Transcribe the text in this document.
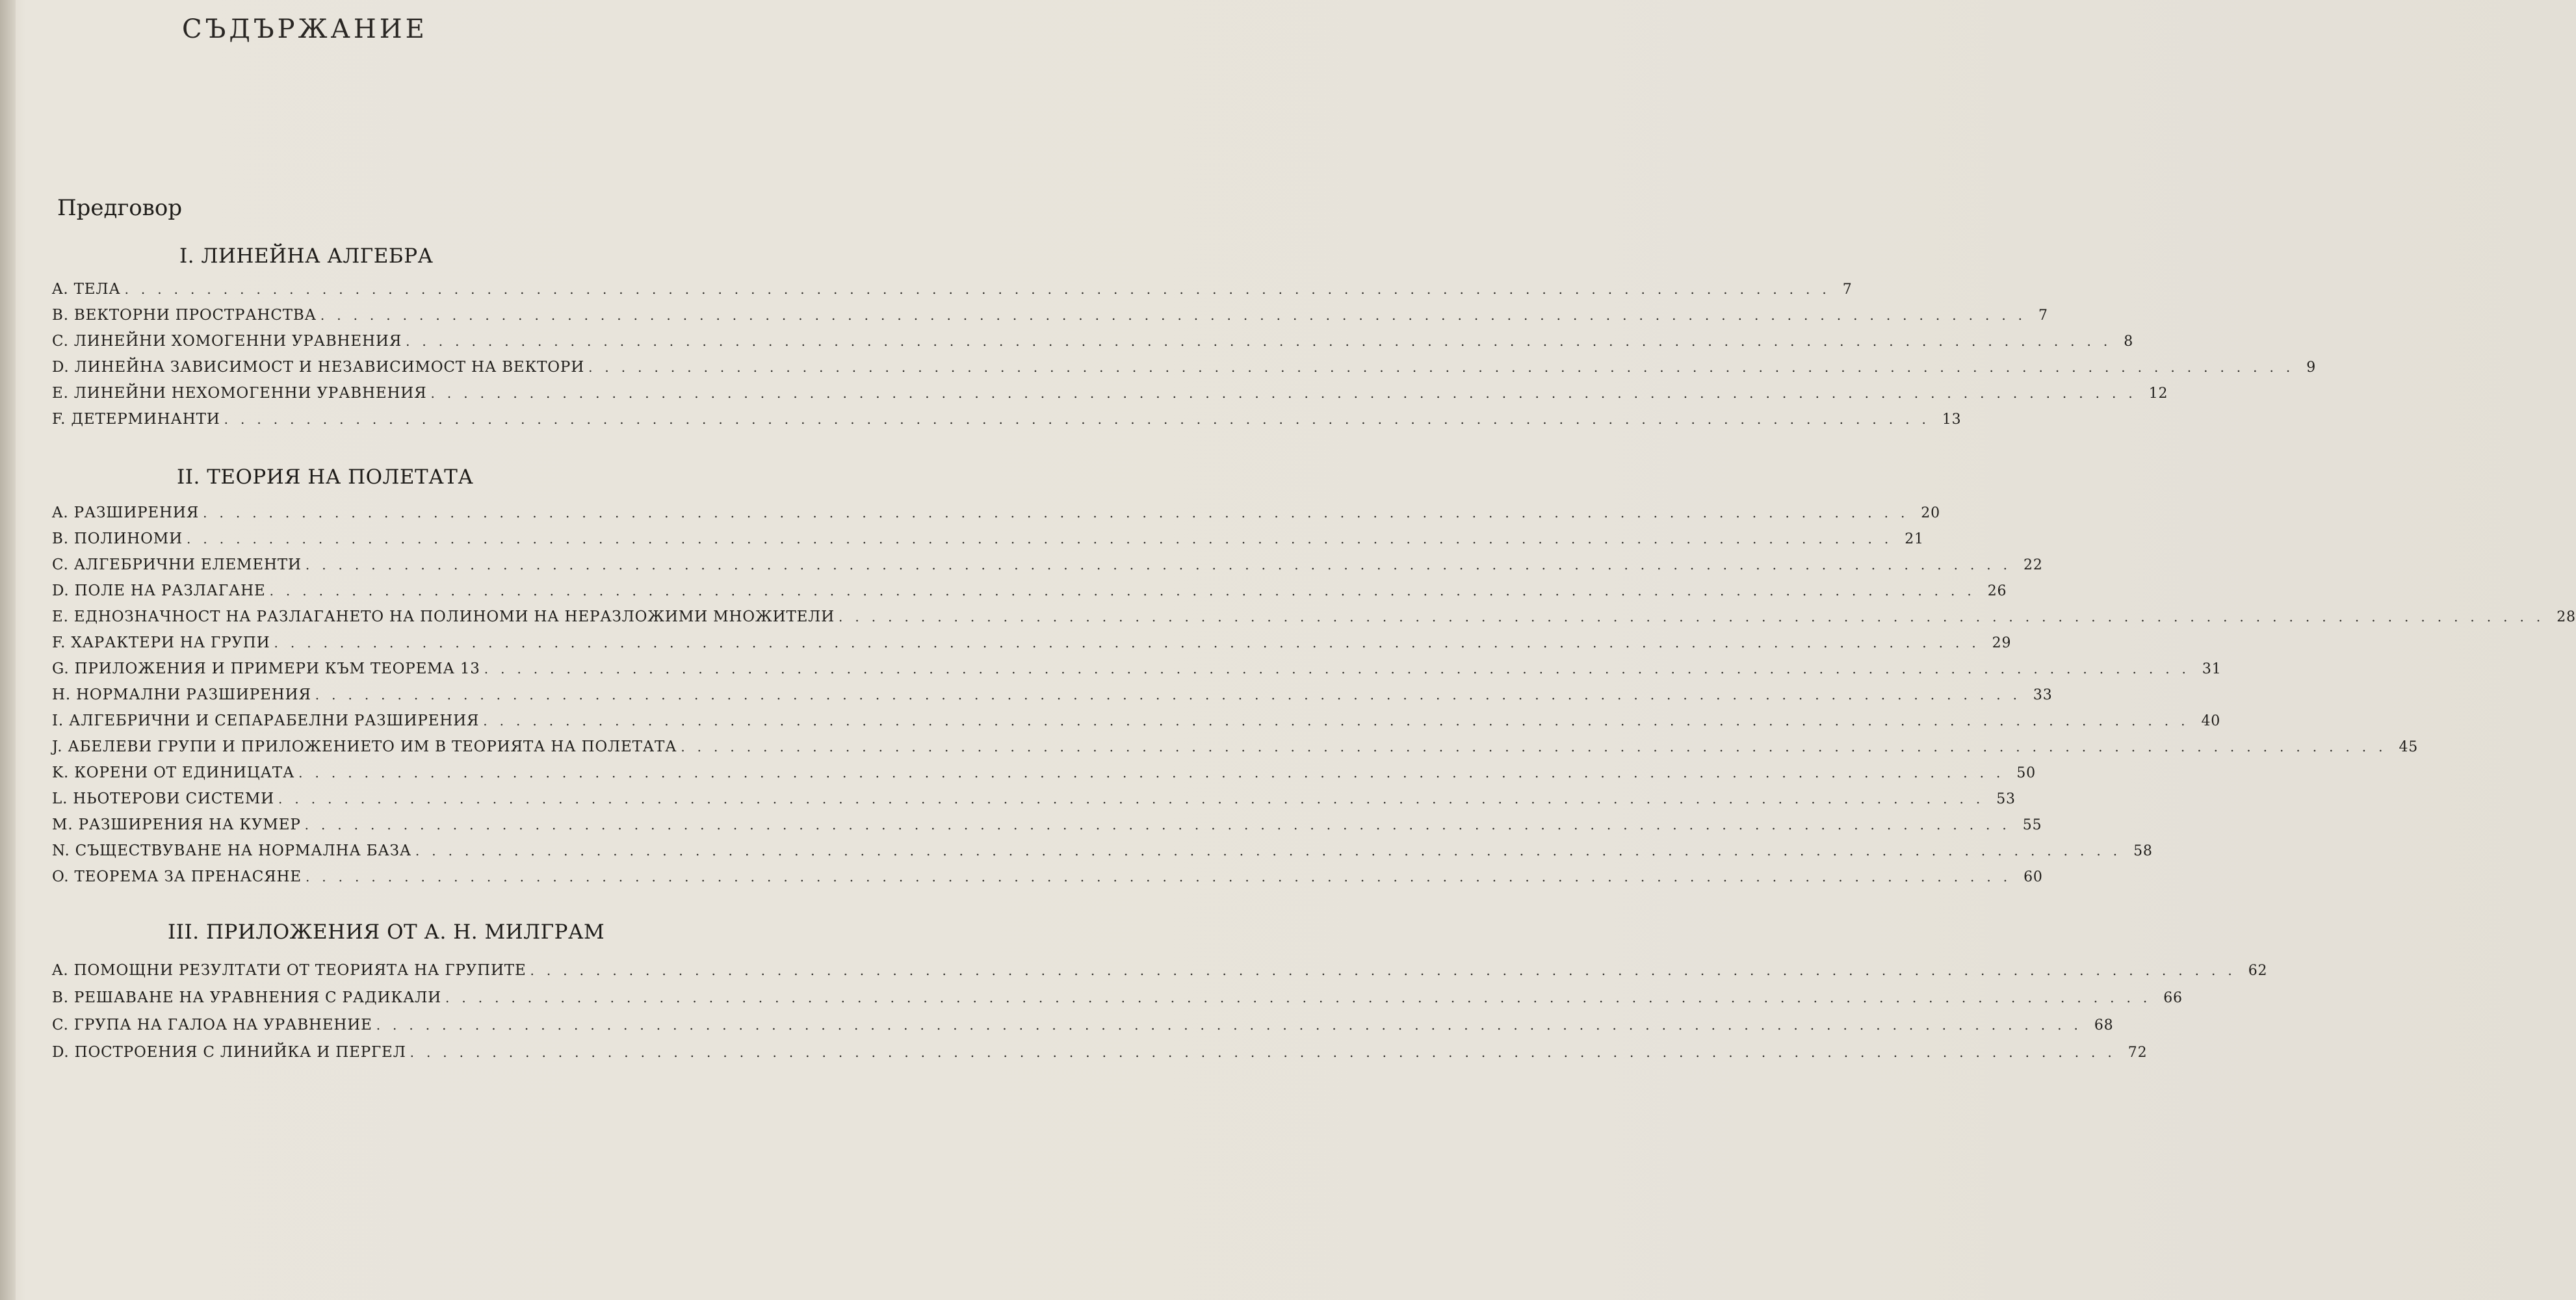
СЪДЪРЖАНИЕ
Предговор
I. ЛИНЕЙНА АЛГЕБРА
A. ТЕЛА ........................................................................................................ 7
B. ВЕКТОРНИ ПРОСТРАНСТВА ........................................................................................................ 7
C. ЛИНЕЙНИ ХОМОГЕННИ УРАВНЕНИЯ ........................................................................................................ 8
D. ЛИНЕЙНА ЗАВИСИМОСТ И НЕЗАВИСИМОСТ НА ВЕКТОРИ ........................................................................................................ 9
E. ЛИНЕЙНИ НЕХОМОГЕННИ УРАВНЕНИЯ ........................................................................................................ 12
F. ДЕТЕРМИНАНТИ ........................................................................................................ 13
II. ТЕОРИЯ НА ПОЛЕТАТА
A. РАЗШИРЕНИЯ ........................................................................................................ 20
B. ПОЛИНОМИ ........................................................................................................ 21
C. АЛГЕБРИЧНИ ЕЛЕМЕНТИ ........................................................................................................ 22
D. ПОЛЕ НА РАЗЛАГАНЕ ........................................................................................................ 26
E. ЕДНОЗНАЧНОСТ НА РАЗЛАГАНЕТО НА ПОЛИНОМИ НА НЕРАЗЛОЖИМИ МНОЖИТЕЛИ ........................................................................................................ 28
F. ХАРАКТЕРИ НА ГРУПИ ........................................................................................................ 29
G. ПРИЛОЖЕНИЯ И ПРИМЕРИ КЪМ ТЕОРЕМА 13 ........................................................................................................ 31
H. НОРМАЛНИ РАЗШИРЕНИЯ ........................................................................................................ 33
I. АЛГЕБРИЧНИ И СЕПАРАБЕЛНИ РАЗШИРЕНИЯ ........................................................................................................ 40
J. АБЕЛЕВИ ГРУПИ И ПРИЛОЖЕНИЕТО ИМ В ТЕОРИЯТА НА ПОЛЕТАТА ........................................................................................................ 45
K. КОРЕНИ ОТ ЕДИНИЦАТА ........................................................................................................ 50
L. НЬОТЕРОВИ СИСТЕМИ ........................................................................................................ 53
M. РАЗШИРЕНИЯ НА КУМЕР ........................................................................................................ 55
N. СЪЩЕСТВУВАНЕ НА НОРМАЛНА БАЗА ........................................................................................................ 58
O. ТЕОРЕМА ЗА ПРЕНАСЯНЕ ........................................................................................................ 60
III. ПРИЛОЖЕНИЯ ОТ А. Н. МИЛГРАМ
A. ПОМОЩНИ РЕЗУЛТАТИ ОТ ТЕОРИЯТА НА ГРУПИТЕ ........................................................................................................ 62
B. РЕШАВАНЕ НА УРАВНЕНИЯ С РАДИКАЛИ ........................................................................................................ 66
C. ГРУПА НА ГАЛОА НА УРАВНЕНИЕ ........................................................................................................ 68
D. ПОСТРОЕНИЯ С ЛИНИЙКА И ПЕРГЕЛ ........................................................................................................ 72
